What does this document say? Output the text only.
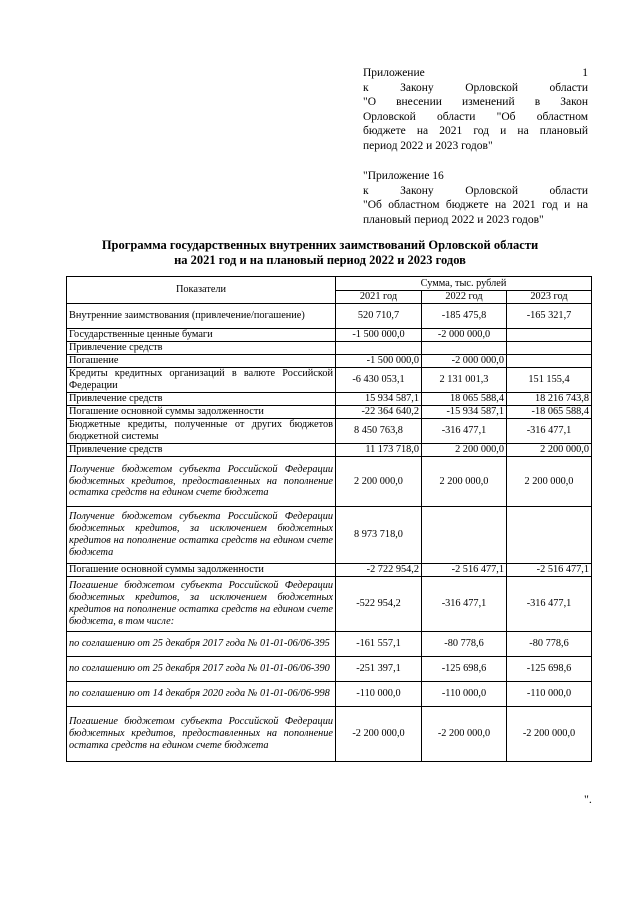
Приложение 1
к Закону Орловской области
"О внесении изменений в Закон
Орловской области "Об областном
бюджете на 2021 год и на плановый
период 2022 и 2023 годов"
"Приложение 16
к Закону Орловской области
"Об областном бюджете на 2021 год и на
плановый период 2022 и 2023 годов"
Программа государственных внутренних заимствований Орловской области
на 2021 год и на плановый период 2022 и 2023 годов
Показатели	Сумма, тыс. рублей		
	2021 год	2022 год	2023 год
Внутренние заимствования (привлечение/погашение)	520 710,7	-185 475,8	-165 321,7
Государственные ценные бумаги	-1 500 000,0	-2 000 000,0	
Привлечение средств			
Погашение	-1 500 000,0	-2 000 000,0	
Кредиты кредитных организаций в валюте Российской Федерации	-6 430 053,1	2 131 001,3	151 155,4
Привлечение средств	15 934 587,1	18 065 588,4	18 216 743,8
Погашение основной суммы задолженности	-22 364 640,2	-15 934 587,1	-18 065 588,4
Бюджетные кредиты, полученные от других бюджетов бюджетной системы	8 450 763,8	-316 477,1	-316 477,1
Привлечение средств	11 173 718,0	2 200 000,0	2 200 000,0
Получение бюджетом субъекта Российской Федерации бюджетных кредитов, предоставленных на пополнение остатка средств на едином счете бюджета	2 200 000,0	2 200 000,0	2 200 000,0
Получение бюджетом субъекта Российской Федерации бюджетных кредитов, за исключением бюджетных кредитов на пополнение остатка средств на едином счете бюджета	8 973 718,0		
Погашение основной суммы задолженности	-2 722 954,2	-2 516 477,1	-2 516 477,1
Погашение бюджетом субъекта Российской Федерации бюджетных кредитов, за исключением бюджетных кредитов на пополнение остатка средств на едином счете бюджета, в том числе:	-522 954,2	-316 477,1	-316 477,1
по соглашению от 25 декабря 2017 года № 01-01-06/06-395	-161 557,1	-80 778,6	-80 778,6
по соглашению от 25 декабря 2017 года № 01-01-06/06-390	-251 397,1	-125 698,6	-125 698,6
по соглашению от 14 декабря 2020 года № 01-01-06/06-998	-110 000,0	-110 000,0	-110 000,0
Погашение бюджетом субъекта Российской Федерации бюджетных кредитов, предоставленных на пополнение остатка средств на едином счете бюджета	-2 200 000,0	-2 200 000,0	-2 200 000,0
".
